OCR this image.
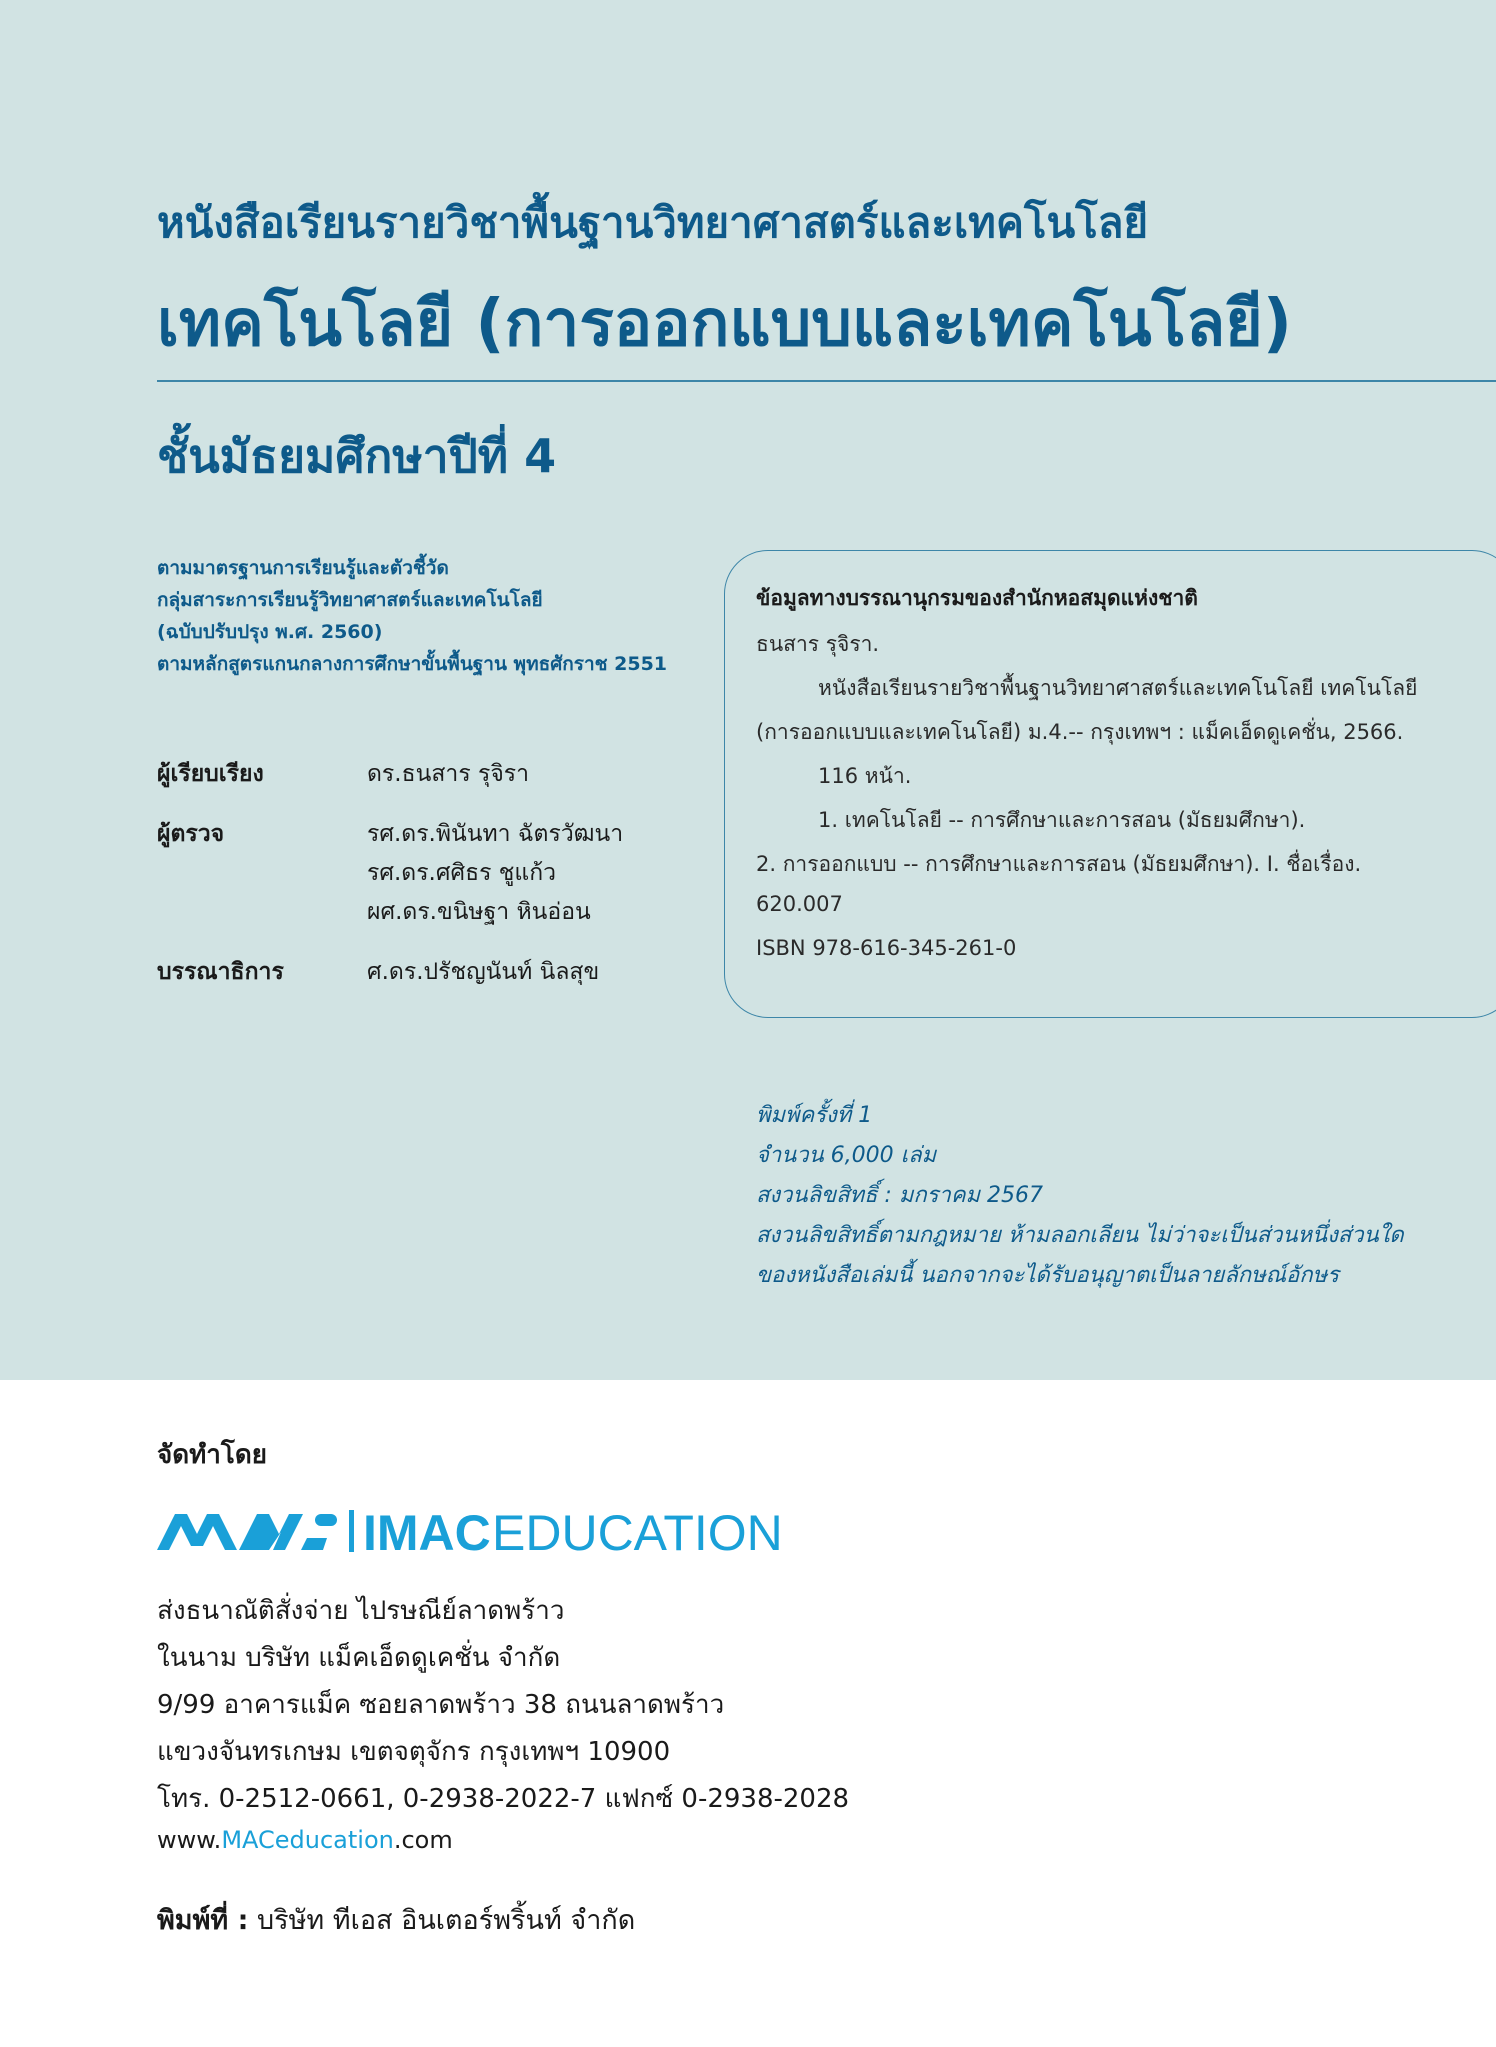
หนังสือเรียนรายวิชาพื้นฐานวิทยาศาสตร์และเทคโนโลยี
เทคโนโลยี (การออกแบบและเทคโนโลยี)
ชั้นมัธยมศึกษาปีที่ 4
ตามมาตรฐานการเรียนรู้และตัวชี้วัด
กลุ่มสาระการเรียนรู้วิทยาศาสตร์และเทคโนโลยี
(ฉบับปรับปรุง พ.ศ. 2560)
ตามหลักสูตรแกนกลางการศึกษาขั้นพื้นฐาน พุทธศักราช 2551
ผู้เรียบเรียง	ดร.ธนสาร รุจิรา
ผู้ตรวจ	รศ.ดร.พินันทา ฉัตรวัฒนา
รศ.ดร.ศศิธร ชูแก้ว
ผศ.ดร.ขนิษฐา หินอ่อน
บรรณาธิการ	ศ.ดร.ปรัชญนันท์ นิลสุข
ข้อมูลทางบรรณานุกรมของสำนักหอสมุดแห่งชาติ
ธนสาร รุจิรา.
หนังสือเรียนรายวิชาพื้นฐานวิทยาศาสตร์และเทคโนโลยี เทคโนโลยี
(การออกแบบและเทคโนโลยี) ม.4.-- กรุงเทพฯ : แม็คเอ็ดดูเคชั่น, 2566.
116 หน้า.
1. เทคโนโลยี -- การศึกษาและการสอน (มัธยมศึกษา).
2. การออกแบบ -- การศึกษาและการสอน (มัธยมศึกษา). I. ชื่อเรื่อง.
620.007
ISBN 978-616-345-261-0
พิมพ์ครั้งที่ 1
จำนวน 6,000 เล่ม
สงวนลิขสิทธิ์ : มกราคม 2567
สงวนลิขสิทธิ์ตามกฎหมาย ห้ามลอกเลียน ไม่ว่าจะเป็นส่วนหนึ่งส่วนใด
ของหนังสือเล่มนี้ นอกจากจะได้รับอนุญาตเป็นลายลักษณ์อักษร
จัดทำโดย
IMAC EDUCATION
ส่งธนาณัติสั่งจ่าย ไปรษณีย์ลาดพร้าว
ในนาม บริษัท แม็คเอ็ดดูเคชั่น จำกัด
9/99 อาคารแม็ค ซอยลาดพร้าว 38 ถนนลาดพร้าว
แขวงจันทรเกษม เขตจตุจักร กรุงเทพฯ 10900
โทร. 0-2512-0661, 0-2938-2022-7 แฟกซ์ 0-2938-2028
www.MACeducation.com
พิมพ์ที่ : บริษัท ทีเอส อินเตอร์พริ้นท์ จำกัด
